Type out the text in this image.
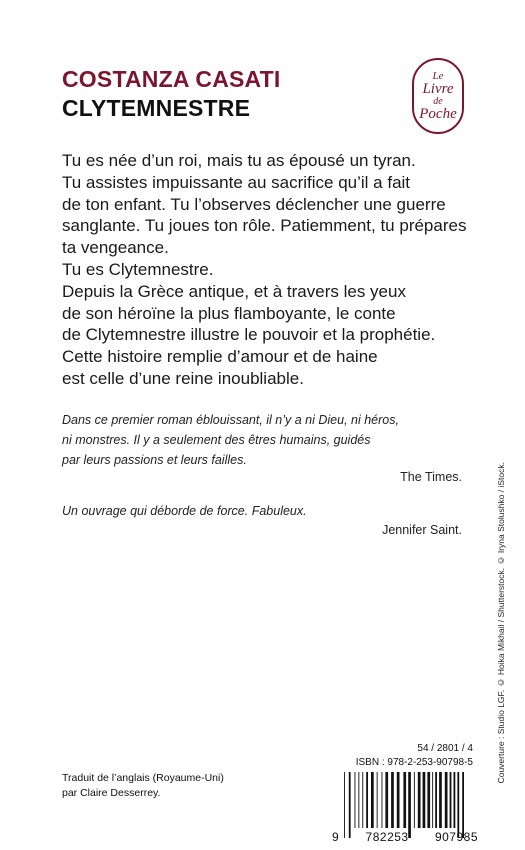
COSTANZA CASATI
CLYTEMNESTRE
Le
Livre
de
Poche
Tu es née d’un roi, mais tu as épousé un tyran.
Tu assistes impuissante au sacrifice qu’il a fait
de ton enfant. Tu l’observes déclencher une guerre
sanglante. Tu joues ton rôle. Patiemment, tu prépares
ta vengeance.
Tu es Clytemnestre.
Depuis la Grèce antique, et à travers les yeux
de son héroïne la plus flamboyante, le conte
de Clytemnestre illustre le pouvoir et la prophétie.
Cette histoire remplie d’amour et de haine
est celle d’une reine inoubliable.
Dans ce premier roman éblouissant, il n’y a ni Dieu, ni héros,
ni monstres. Il y a seulement des êtres humains, guidés
par leurs passions et leurs failles.
The Times.
Un ouvrage qui déborde de force. Fabuleux.
Jennifer Saint.	Couverture : Studio LGF. © Hoika Mikhail / Shutterstock. © Iryna Stolushko / iStock.
54 / 2801 / 4
ISBN : 978-2-253-90798-5
Traduit de l’anglais (Royaume-Uni)
par Claire Desserrey.
9 782253 907985
